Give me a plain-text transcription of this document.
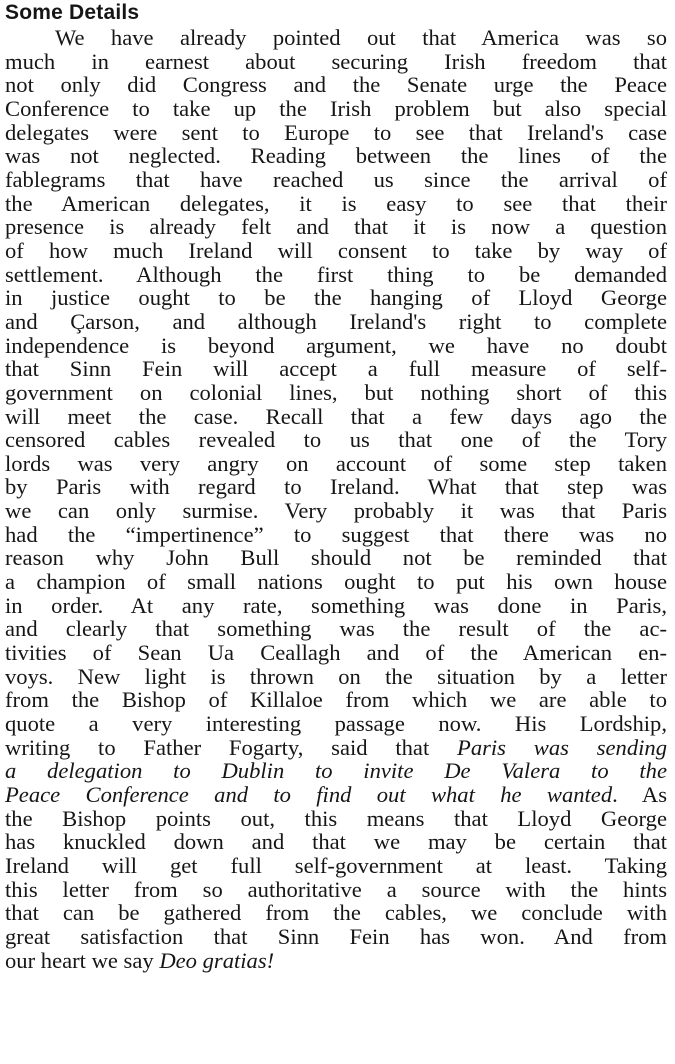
Some Details
We have already pointed out that America was so
much in earnest about securing Irish freedom that
not only did Congress and the Senate urge the Peace
Conference to take up the Irish problem but also special
delegates were sent to Europe to see that Ireland's case
was not neglected. Reading between the lines of the
fablegrams that have reached us since the arrival of
the American delegates, it is easy to see that their
presence is already felt and that it is now a question
of how much Ireland will consent to take by way of
settlement. Although the first thing to be demanded
in justice ought to be the hanging of Lloyd George
and Çarson, and although Ireland's right to complete
independence is beyond argument, we have no doubt
that Sinn Fein will accept a full measure of self-
government on colonial lines, but nothing short of this
will meet the case. Recall that a few days ago the
censored cables revealed to us that one of the Tory
lords was very angry on account of some step taken
by Paris with regard to Ireland. What that step was
we can only surmise. Very probably it was that Paris
had the “impertinence” to suggest that there was no
reason why John Bull should not be reminded that
a champion of small nations ought to put his own house
in order. At any rate, something was done in Paris,
and clearly that something was the result of the ac-
tivities of Sean Ua Ceallagh and of the American en-
voys. New light is thrown on the situation by a letter
from the Bishop of Killaloe from which we are able to
quote a very interesting passage now. His Lordship,
writing to Father Fogarty, said that Paris was sending
a delegation to Dublin to invite De Valera to the
Peace Conference and to find out what he wanted. As
the Bishop points out, this means that Lloyd George
has knuckled down and that we may be certain that
Ireland will get full self-government at least. Taking
this letter from so authoritative a source with the hints
that can be gathered from the cables, we conclude with
great satisfaction that Sinn Fein has won. And from
our heart we say Deo gratias!
